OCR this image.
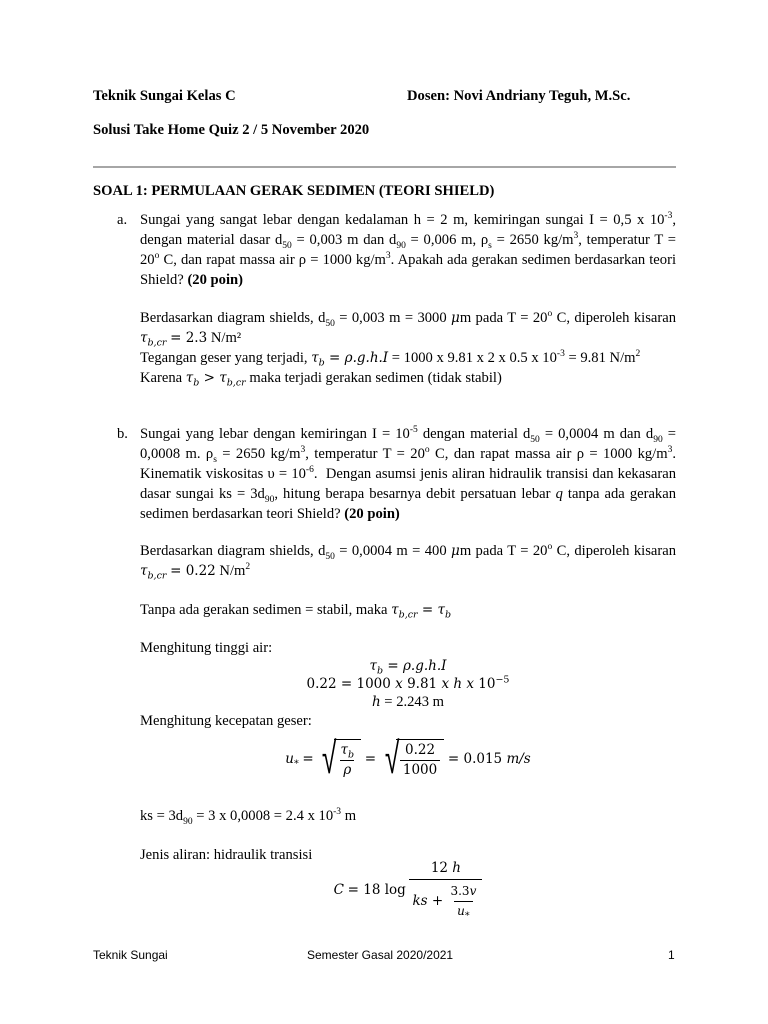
Teknik Sungai Kelas C	Dosen: Novi Andriany Teguh, M.Sc.
Solusi Take Home Quiz 2 / 5 November 2020
SOAL 1: PERMULAAN GERAK SEDIMEN (TEORI SHIELD)
a. Sungai yang sangat lebar dengan kedalaman h = 2 m, kemiringan sungai I = 0,5 x $10^{-3}$, dengan material dasar $d_{50} = 0,003$ m dan $d_{90} = 0,006$ m, $\rho_s = 2650$ $kg/m^3$, temperatur $T = 20^o$ C, dan rapat massa air ρ = 1000 $kg/m^3$. Apakah ada gerakan sedimen berdasarkan teori Shield? (20 poin)
Berdasarkan diagram shields, $d_{50} = 0,003$ m = 3000 μm pada $T = 20^o$ C, diperoleh kisaran $\tau_{b,cr} = 2.3$ N/m²
Tegangan geser yang terjadi, $\tau_b = \rho.g.h.I = 1000$ x 9.81 x 2 x 0.5 x $10^{-3} = 9.81$ $N/m^2$
Karena $\tau_b > \tau_{b,cr}$ maka terjadi gerakan sedimen (tidak stabil)
b. Sungai yang lebar dengan kemiringan $I = 10^{-5}$ dengan material $d_{50} = 0,0004$ m dan $d_{90} = 0,0008$ m. $\rho_s = 2650$ $kg/m^3$, temperatur $T = 20^o$ C, dan rapat massa air ρ = 1000 $kg/m^3$. Kinematik viskositas $\upsilon = 10^{-6}$.  Dengan asumsi jenis aliran hidraulik transisi dan kekasaran dasar sungai ks = $3d_{90}$, hitung berapa besarnya debit persatuan lebar q tanpa ada gerakan sedimen berdasarkan teori Shield? (20 poin)
Berdasarkan diagram shields, $d_{50} = 0,0004$ m = 400 μm pada $T = 20^o$ C, diperoleh kisaran $\tau_{b,cr} = 0.22$ $N/m^2$
Tanpa ada gerakan sedimen = stabil, maka $\tau_{b,cr} = \tau_b$
Menghitung tinggi air:
$\tau_b = \rho.g.h.I$
0.22 = 1000 x 9.81 x h x $10^{-5}$
h = 2.243 m
Menghitung kecepatan geser:
$u_*$
=
√ $\frac{\tau_b}{\rho}$
=
√ $\frac{0.22}{1000}$
= 0.015 m/s
ks = $3d_{90} = 3$ x 0,0008 = 2.4 x $10^{-3}$ m
Jenis aliran: hidraulik transisi
C
= 18 log
$\frac{12 h}{ks + \frac{3.3v}{u_*}}$
Teknik Sungai	Semester Gasal 2020/2021	1
